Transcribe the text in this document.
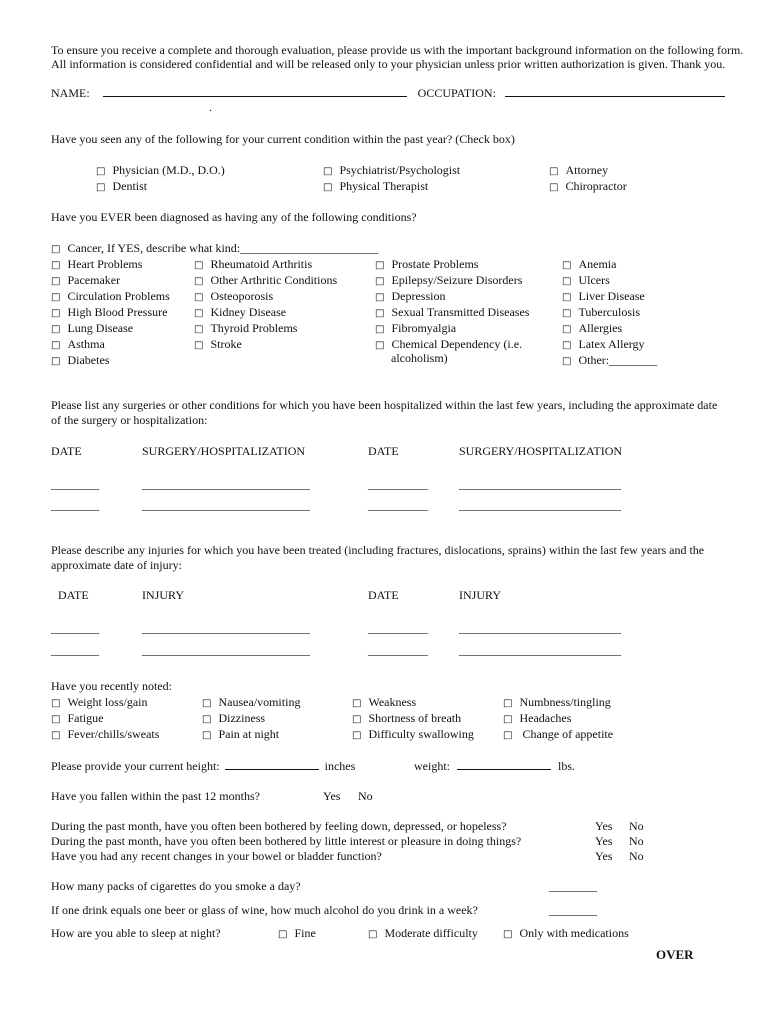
To ensure you receive a complete and thorough evaluation, please provide us with the important background information on the following form.
All information is considered confidential and will be released only to your physician unless prior written authorization is given. Thank you.
NAME:	OCCUPATION:
.
Have you seen any of the following for your current condition within the past year? (Check box)
□ Physician (M.D., D.O.)
□ Dentist
□ Psychiatrist/Psychologist
□ Physical Therapist
□ Attorney
□ Chiropractor
Have you EVER been diagnosed as having any of the following conditions?
□ Cancer, If YES, describe what kind:_______________________
□ Heart Problems
□ Pacemaker
□ Circulation Problems
□ High Blood Pressure
□ Lung Disease
□ Asthma
□ Diabetes
□ Rheumatoid Arthritis
□ Other Arthritic Conditions
□ Osteoporosis
□ Kidney Disease
□ Thyroid Problems
□ Stroke
□ Prostate Problems
□ Epilepsy/Seizure Disorders
□ Depression
□ Sexual Transmitted Diseases
□ Fibromyalgia
□ Chemical Dependency (i.e.
alcoholism)
□ Anemia
□ Ulcers
□ Liver Disease
□ Tuberculosis
□ Allergies
□ Latex Allergy
□ Other:________
Please list any surgeries or other conditions for which you have been hospitalized within the last few years, including the approximate date
of the surgery or hospitalization:
DATE	SURGERY/HOSPITALIZATION	DATE	SURGERY/HOSPITALIZATION
________	____________________________	__________	___________________________
________	____________________________	__________	___________________________
Please describe any injuries for which you have been treated (including fractures, dislocations, sprains) within the last few years and the
approximate date of injury:
DATE	INJURY	DATE	INJURY
________	____________________________	__________	___________________________
________	____________________________	__________	___________________________
Have you recently noted:
□ Weight loss/gain
□ Fatigue
□ Fever/chills/sweats
□ Nausea/vomiting
□ Dizziness
□ Pain at night
□ Weakness
□ Shortness of breath
□ Difficulty swallowing
□ Numbness/tingling
□ Headaches
□ Change of appetite
Please provide your current height:	inches	weight:	lbs.
Have you fallen within the past 12 months?	Yes No
During the past month, have you often been bothered by feeling down, depressed, or hopeless?
During the past month, have you often been bothered by little interest or pleasure in doing things?
Have you had any recent changes in your bowel or bladder function?
Yes No
Yes No
Yes No
How many packs of cigarettes do you smoke a day?	________
If one drink equals one beer or glass of wine, how much alcohol do you drink in a week?	________
How are you able to sleep at night?	□ Fine	□ Moderate difficulty	□ Only with medications
OVER
